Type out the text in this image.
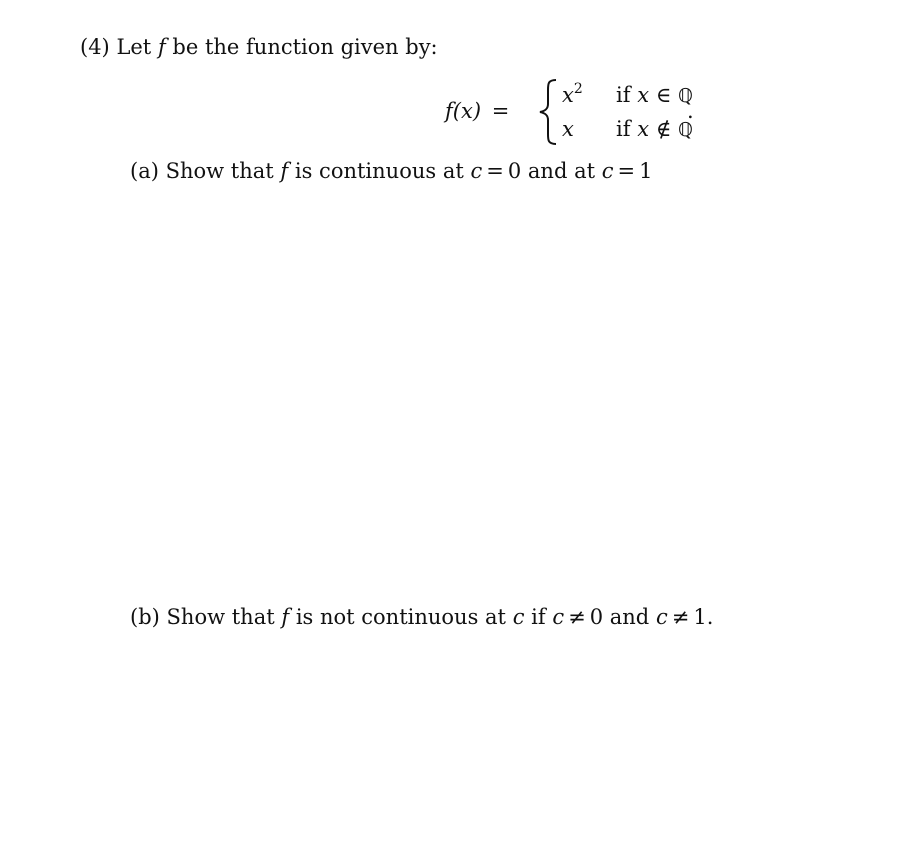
(4) Let f be the function given by:
f(x) =
$x^2$ if x ∈ ℚ
x if x ∉ ℚ
.
(a) Show that f is continuous at c = 0 and at c = 1
(b) Show that f is not continuous at c if c ≠ 0 and c ≠ 1.
